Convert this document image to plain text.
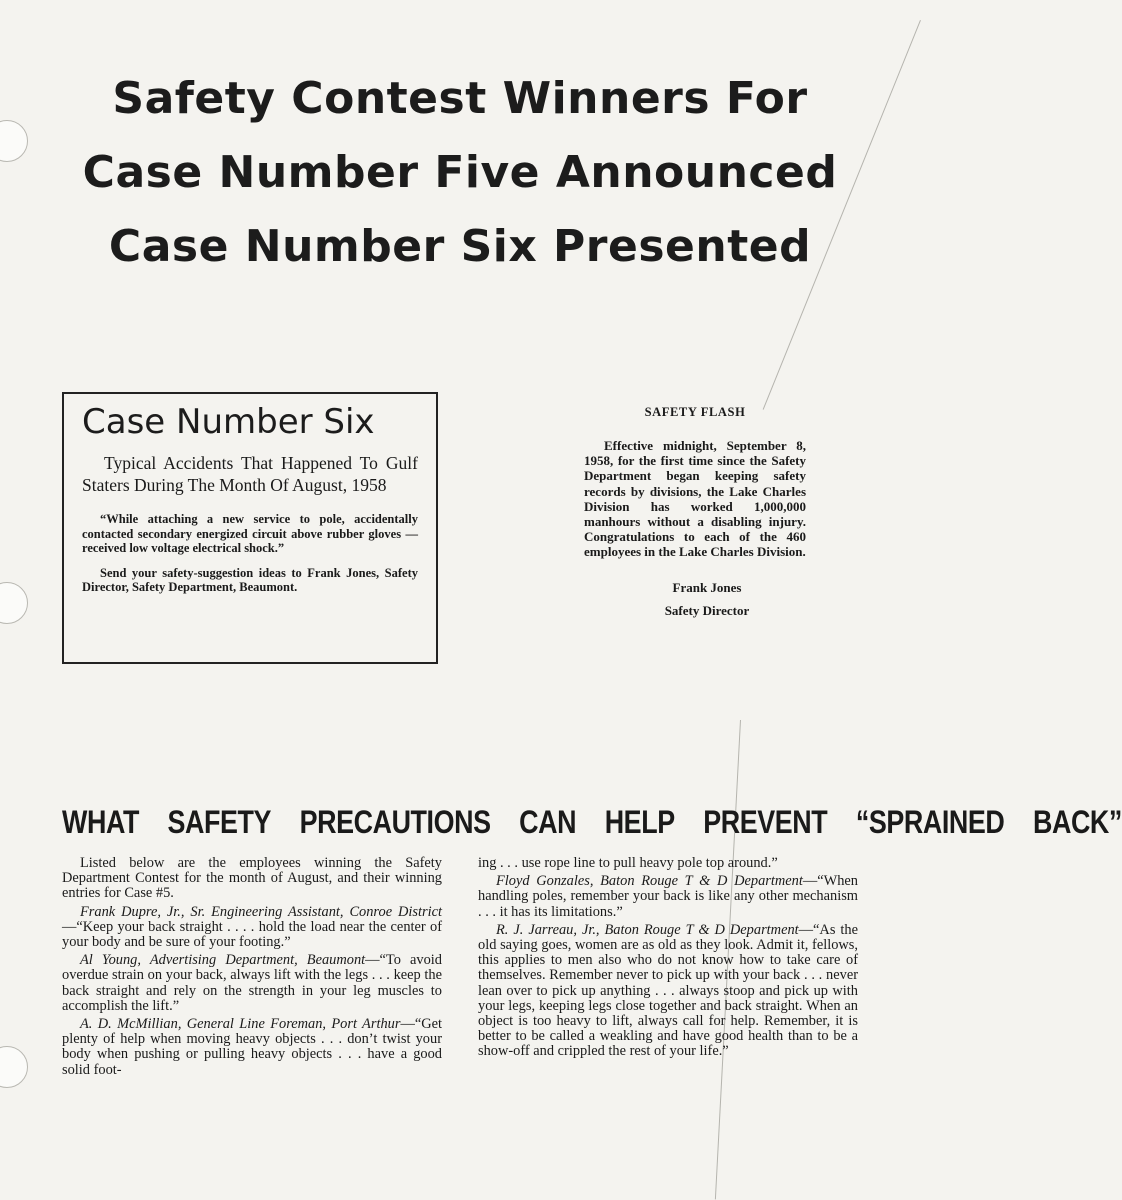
Safety Contest Winners For
Case Number Five Announced
Case Number Six Presented
Case Number Six
Typical Accidents That Happened To Gulf Staters During The Month Of August, 1958
“While attaching a new service to pole, accidentally contacted secondary energized circuit above rubber gloves — received low voltage electrical shock.”
Send your safety-suggestion ideas to Frank Jones, Safety Director, Safety Department, Beaumont.
SAFETY FLASH
Effective midnight, September 8, 1958, for the first time since the Safety Department began keeping safety records by divisions, the Lake Charles Division has worked 1,000,000 manhours without a disabling injury. Congratulations to each of the 460 employees in the Lake Charles Division.
Frank Jones
Safety Director
WHAT SAFETY PRECAUTIONS CAN HELP PREVENT “SPRAINED BACK”

Listed below are the employees winning the Safety Department Contest for the month of August, and their winning entries for Case #5.

Frank Dupre, Jr., Sr. Engineering Assistant, Conroe District—“Keep your back straight . . . . hold the load near the center of your body and be sure of your footing.”

Al Young, Advertising Department, Beaumont—“To avoid overdue strain on your back, always lift with the legs . . . keep the back straight and rely on the strength in your leg muscles to accomplish the lift.”

A. D. McMillian, General Line Foreman, Port Arthur—“Get plenty of help when moving heavy objects . . . don’t twist your body when pushing or pulling heavy objects . . . have a good solid foot-

ing . . . use rope line to pull heavy pole top around.”

Floyd Gonzales, Baton Rouge T & D Department—“When handling poles, remember your back is like any other mechanism . . . it has its limitations.”

R. J. Jarreau, Jr., Baton Rouge T & D Department—“As the old saying goes, women are as old as they look. Admit it, fellows, this applies to men also who do not know how to take care of themselves. Remember never to pick up with your back . . . never lean over to pick up anything . . . always stoop and pick up with your legs, keeping legs close together and back straight. When an object is too heavy to lift, always call for help. Remember, it is better to be called a weakling and have good health than to be a show-off and crippled the rest of your life.”
